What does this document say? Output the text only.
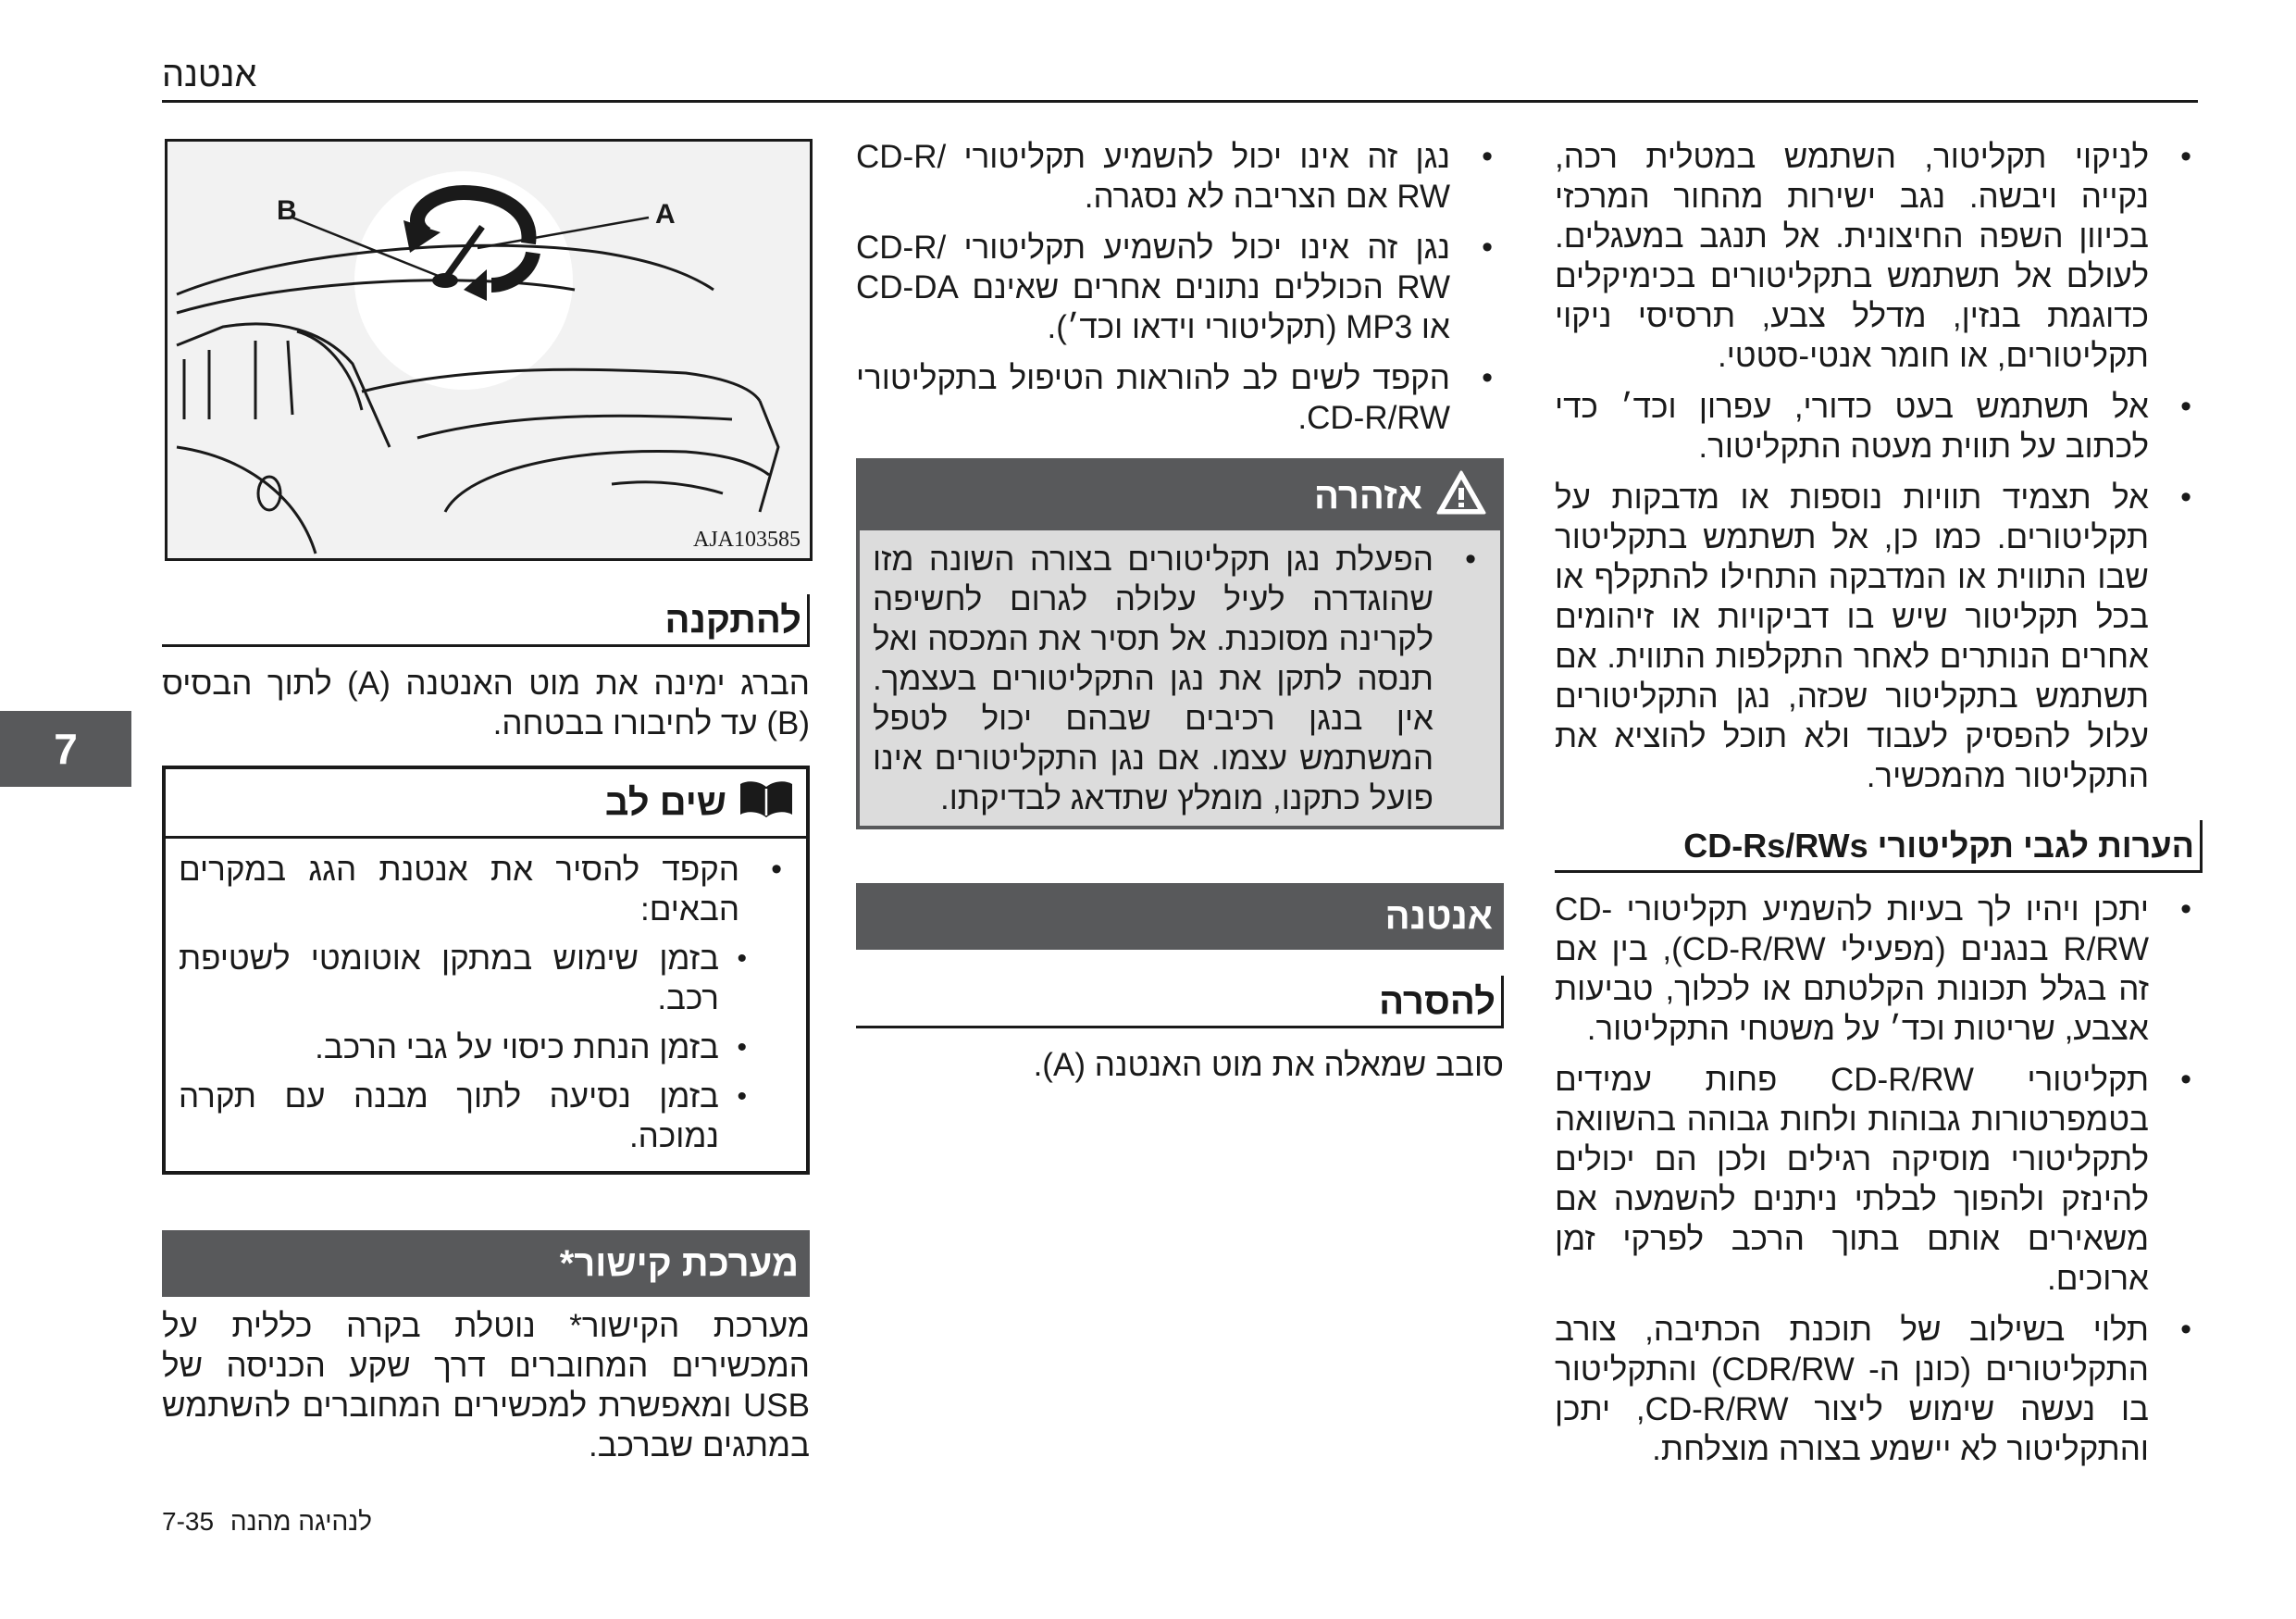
אנטנה
7
• לניקוי תקליטור, השתמש במטלית רכה, נקייה ויבשה. נגב ישירות מהחור המרכזי בכיוון השפה החיצונית. אל תנגב במעגלים. לעולם אל תשתמש בתקליטורים בכימיקלים כדוגמת בנזין, מדלל צבע, תרסיסי ניקוי תקליטורים, או חומר אנטי-סטטי.
• אל תשתמש בעט כדורי, עפרון וכד׳ כדי לכתוב על תווית מעטה התקליטור.
• אל תצמיד תוויות נוספות או מדבקות על תקליטורים. כמו כן, אל תשתמש בתקליטור שבו התווית או המדבקה התחילו להתקלף או בכל תקליטור שיש בו דביקויות או זיהומים אחרים הנותרים לאחר התקלפות התווית. אם תשתמש בתקליטור שכזה, נגן התקליטורים עלול להפסיק לעבוד ולא תוכל להוציא את התקליטור מהמכשיר.
הערות לגבי תקליטורי CD-Rs/RWs
• יתכן ויהיו לך בעיות להשמיע תקליטורי CD-R/RW בנגנים (מפעילי CD-R/RW), בין אם זה בגלל תכונות הקלטתם או לכלוך, טביעות אצבע, שריטות וכד׳ על משטחי התקליטור.
• תקליטורי CD-R/RW פחות עמידים בטמפרטורות גבוהות ולחות גבוהה בהשוואה לתקליטורי מוסיקה רגילים ולכן הם יכולים להינזק ולהפוך לבלתי ניתנים להשמעה אם משאירים אותם בתוך הרכב לפרקי זמן ארוכים.
• תלוי בשילוב של תוכנת הכתיבה, צורב התקליטורים (כונן ה- CDR/RW) והתקליטור בו נעשה שימוש ליצור CD-R/RW, יתכן והתקליטור לא יישמע בצורה מוצלחת.
• נגן זה אינו יכול להשמיע תקליטורי CD-R/ RW אם הצריבה לא נסגרה.
• נגן זה אינו יכול להשמיע תקליטורי CD-R/ RW הכוללים נתונים אחרים שאינם CD-DA או MP3 (תקליטורי וידאו וכד׳).
• הקפד לשים לב להוראות הטיפול בתקליטורי CD-R/RW.
אזהרה
• הפעלת נגן תקליטורים בצורה השונה מזו שהוגדרה לעיל עלולה לגרום לחשיפה לקרינה מסוכנת. אל תסיר את המכסה ואל תנסה לתקן את נגן התקליטורים בעצמך. אין בנגן רכיבים שבהם יכול לטפל המשתמש עצמו. אם נגן התקליטורים אינו פועל כתקנו, מומלץ שתדאג לבדיקתו.
אנטנה
להסרה
סובב שמאלה את מוט האנטנה (A).
B	A
AJA103585
להתקנה
הברג ימינה את מוט האנטנה (A) לתוך הבסיס (B) עד לחיבורו בבטחה.
שים לב
• הקפד להסיר את אנטנת הגג במקרים הבאים:
• בזמן שימוש במתקן אוטומטי לשטיפת רכב.
• בזמן הנחת כיסוי על גבי הרכב.
• בזמן נסיעה לתוך מבנה עם תקרה נמוכה.
מערכת קישור*
מערכת הקישור* נוטלת בקרה כללית על המכשירים המחוברים דרך שקע הכניסה של USB ומאפשרת למכשירים המחוברים להשתמש במתגים שברכב.
לנהיגה מהנה 7-35
